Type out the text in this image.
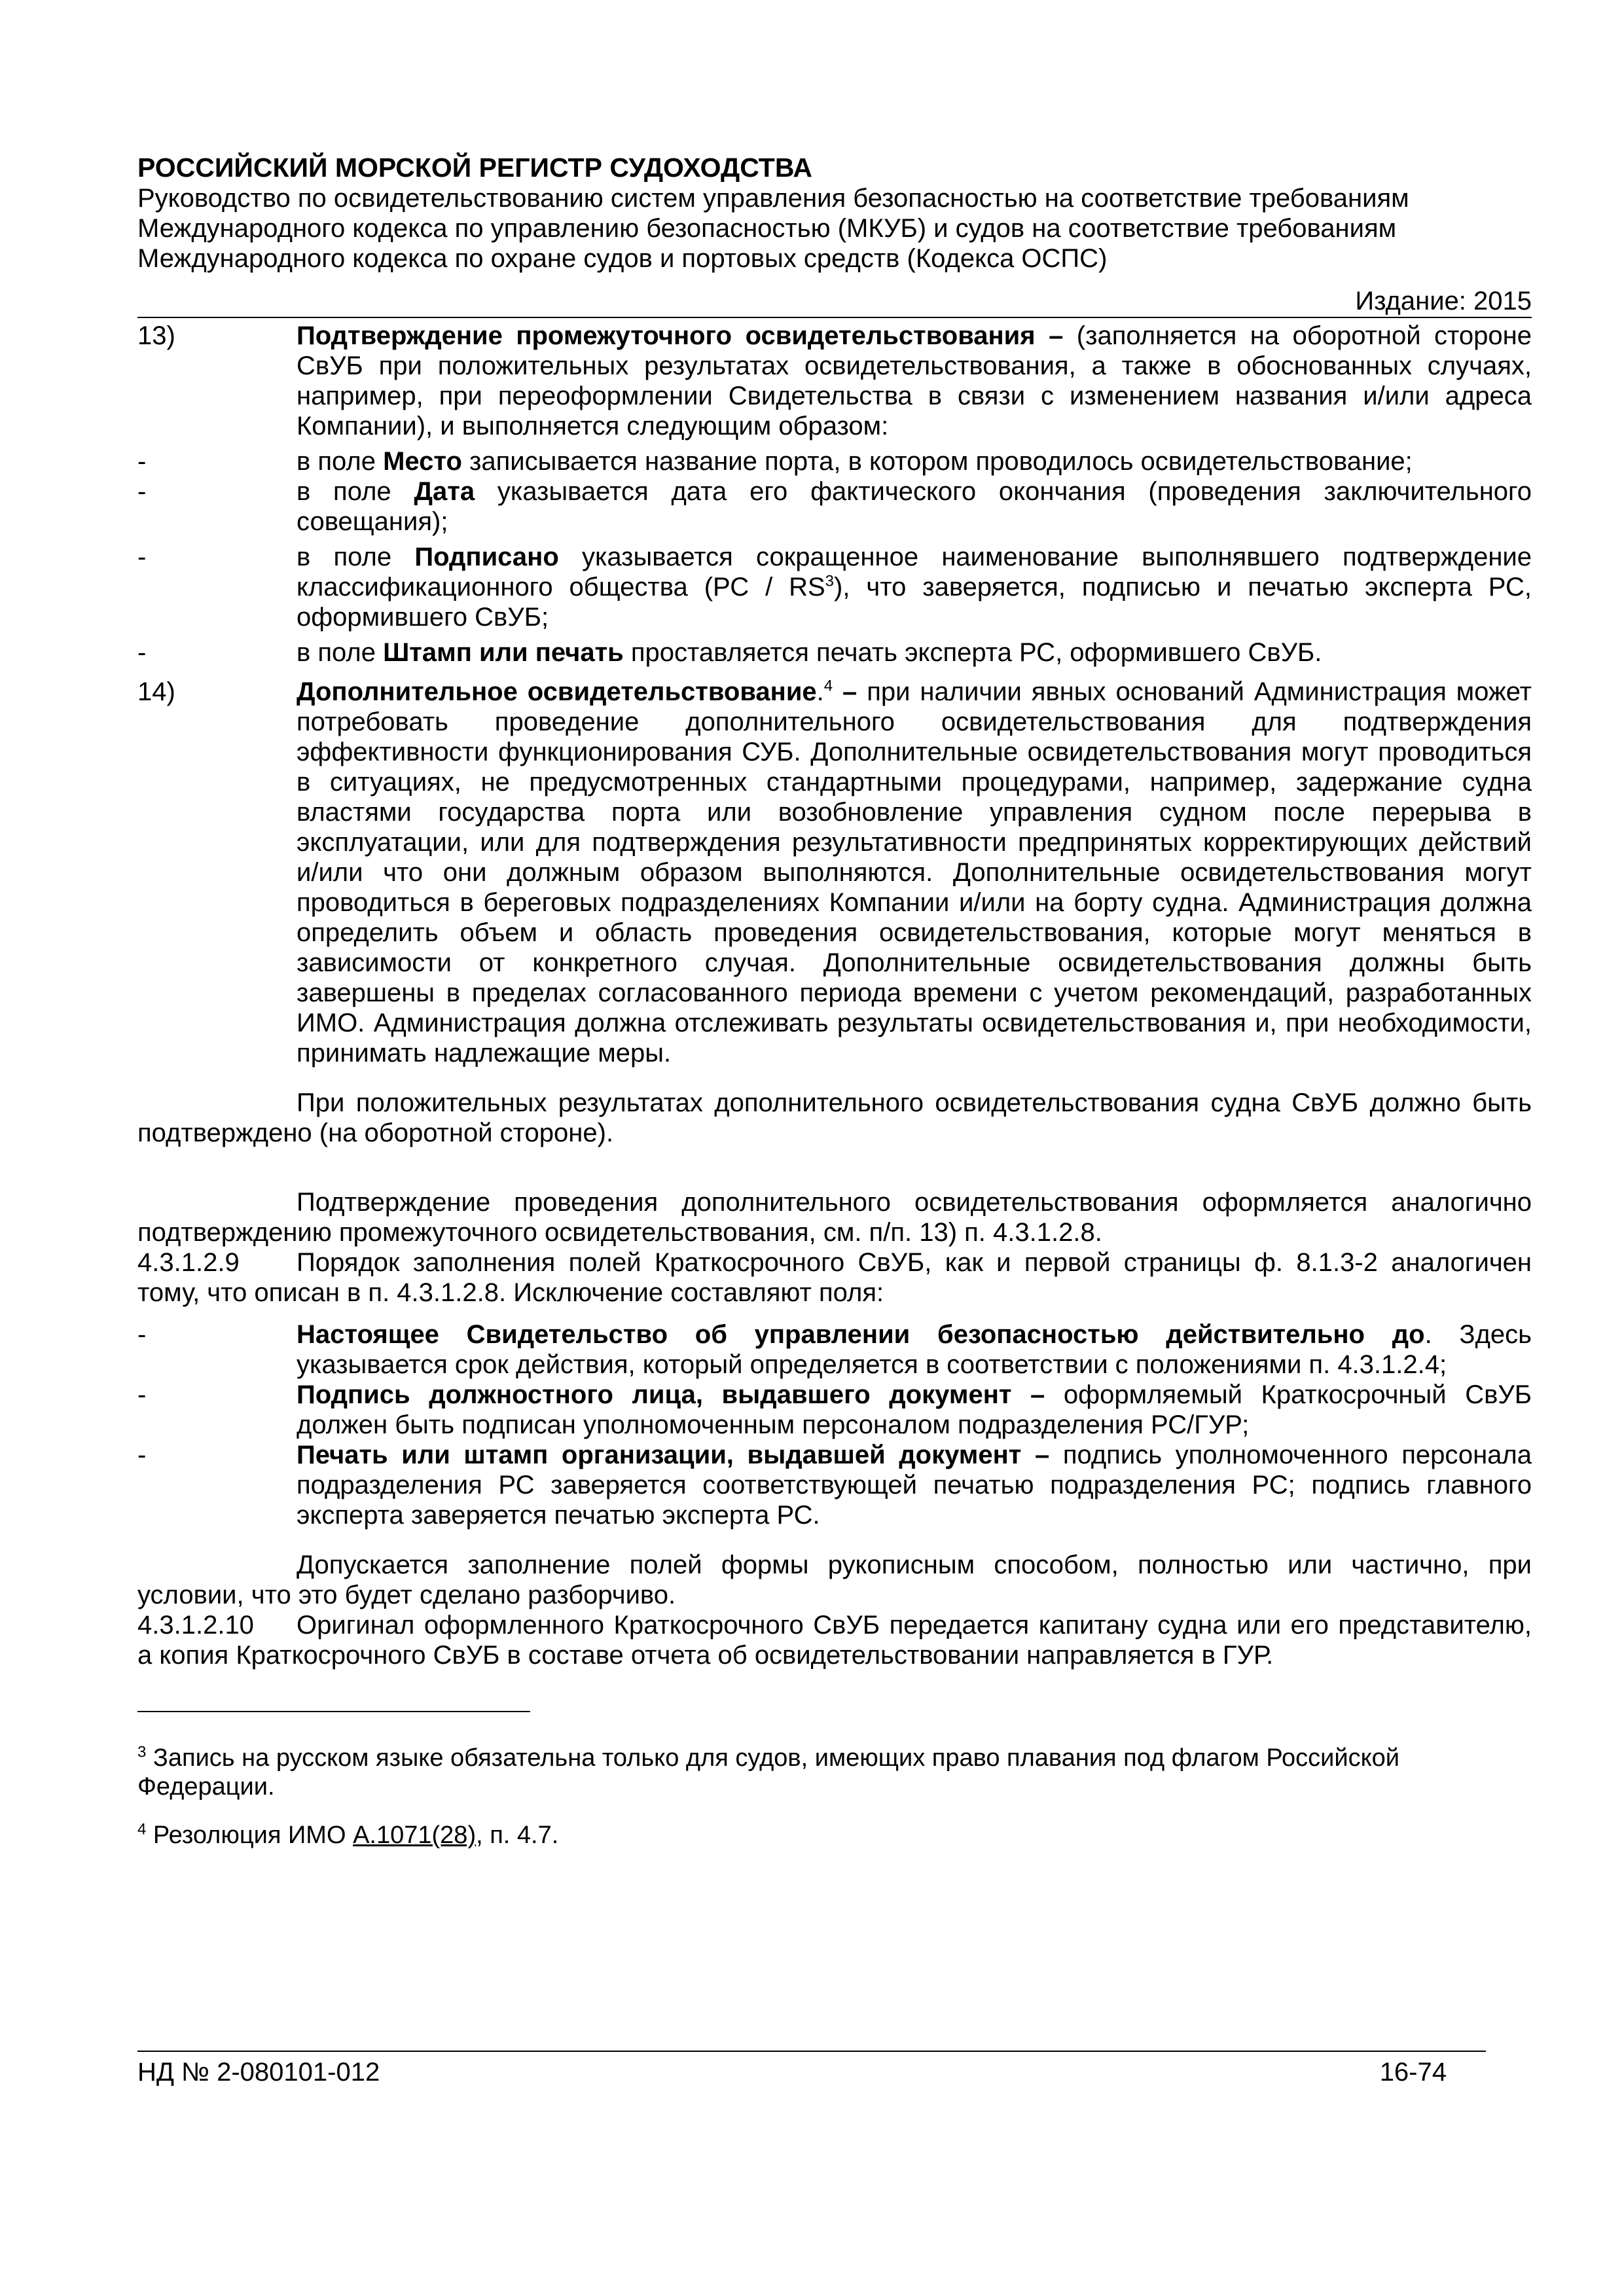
РОССИЙСКИЙ МОРСКОЙ РЕГИСТР СУДОХОДСТВА

Руководство по освидетельствованию систем управления безопасностью на соответствие требованиям

Международного кодекса по управлению безопасностью (МКУБ) и судов на соответствие требованиям

Международного кодекса по охране судов и портовых средств (Кодекса ОСПС)

Издание: 2015
13)	Подтверждение промежуточного освидетельствования – (заполняется на оборотной стороне СвУБ при положительных результатах освидетельствования, а также в обоснованных случаях, например, при переоформлении Свидетельства в связи с изменением названия и/или адреса Компании), и выполняется следующим образом:
-	в поле Место записывается название порта, в котором проводилось освидетельствование;
-	в поле Дата указывается дата его фактического окончания (проведения заключительного совещания);
-	в поле Подписано указывается сокращенное наименование выполнявшего подтверждение классификационного общества $(РС / RS^3)$, что заверяется, подписью и печатью эксперта РС, оформившего СвУБ;
-	в поле Штамп или печать проставляется печать эксперта РС, оформившего СвУБ.
14)	Дополнительное освидетельствование.$^4$ – при наличии явных оснований Администрация может потребовать проведение дополнительного освидетельствования для подтверждения эффективности функционирования СУБ. Дополнительные освидетельствования могут проводиться в ситуациях, не предусмотренных стандартными процедурами, например, задержание судна властями государства порта или возобновление управления судном после перерыва в эксплуатации, или для подтверждения результативности предпринятых корректирующих действий и/или что они должным образом выполняются. Дополнительные освидетельствования могут проводиться в береговых подразделениях Компании и/или на борту судна. Администрация должна определить объем и область проведения освидетельствования, которые могут меняться в зависимости от конкретного случая. Дополнительные освидетельствования должны быть завершены в пределах согласованного периода времени с учетом рекомендаций, разработанных ИМО. Администрация должна отслеживать результаты освидетельствования и, при необходимости, принимать надлежащие меры.

При положительных результатах дополнительного освидетельствования судна СвУБ должно быть подтверждено (на оборотной стороне).

Подтверждение проведения дополнительного освидетельствования оформляется аналогично подтверждению промежуточного освидетельствования, см. п/п. 13) п. 4.3.1.2.8.

4.3.1.2.9 Порядок заполнения полей Краткосрочного СвУБ, как и первой страницы ф. 8.1.3-2 аналогичен тому, что описан в п. 4.3.1.2.8. Исключение составляют поля:

-	Настоящее Свидетельство об управлении безопасностью действительно до. Здесь указывается срок действия, который определяется в соответствии с положениями п. 4.3.1.2.4;
-	Подпись должностного лица, выдавшего документ – оформляемый Краткосрочный СвУБ должен быть подписан уполномоченным персоналом подразделения РС/ГУР;
-	Печать или штамп организации, выдавшей документ – подпись уполномоченного персонала подразделения РС заверяется соответствующей печатью подразделения РС; подпись главного эксперта заверяется печатью эксперта РС.

Допускается заполнение полей формы рукописным способом, полностью или частично, при условии, что это будет сделано разборчиво.

4.3.1.2.10 Оригинал оформленного Краткосрочного СвУБ передается капитану судна или его представителю, а копия Краткосрочного СвУБ в составе отчета об освидетельствовании направляется в ГУР.

$^3$ Запись на русском языке обязательна только для судов, имеющих право плавания под флагом Российской Федерации.

$^4$ Резолюция ИМО A.1071(28), п. 4.7.

НД № 2-080101-012	16-74
